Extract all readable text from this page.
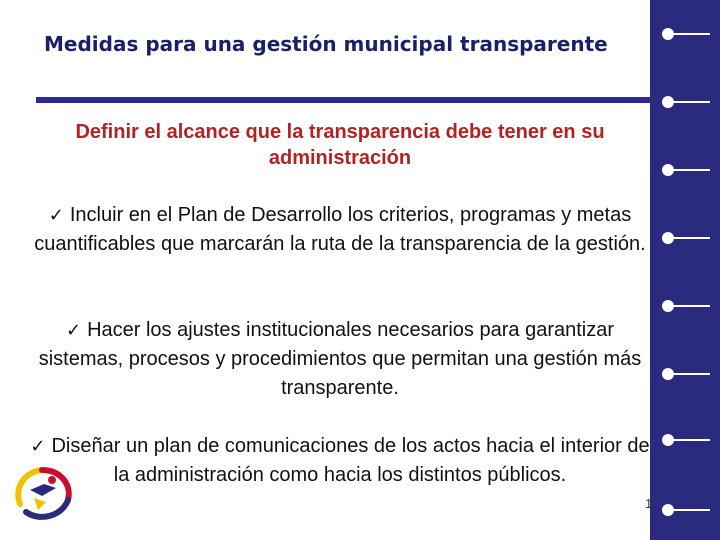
Medidas para una gestión municipal transparente
Definir el alcance que la transparencia debe tener en su administración
✓ Incluir en el Plan de Desarrollo los criterios, programas y metas cuantificables que marcarán la ruta de la transparencia de la gestión.
✓ Hacer los ajustes institucionales necesarios para garantizar sistemas, procesos y procedimientos que permitan una gestión más transparente.
✓ Diseñar un plan de comunicaciones de los actos hacia el interior de la administración como hacia los distintos públicos.
1
